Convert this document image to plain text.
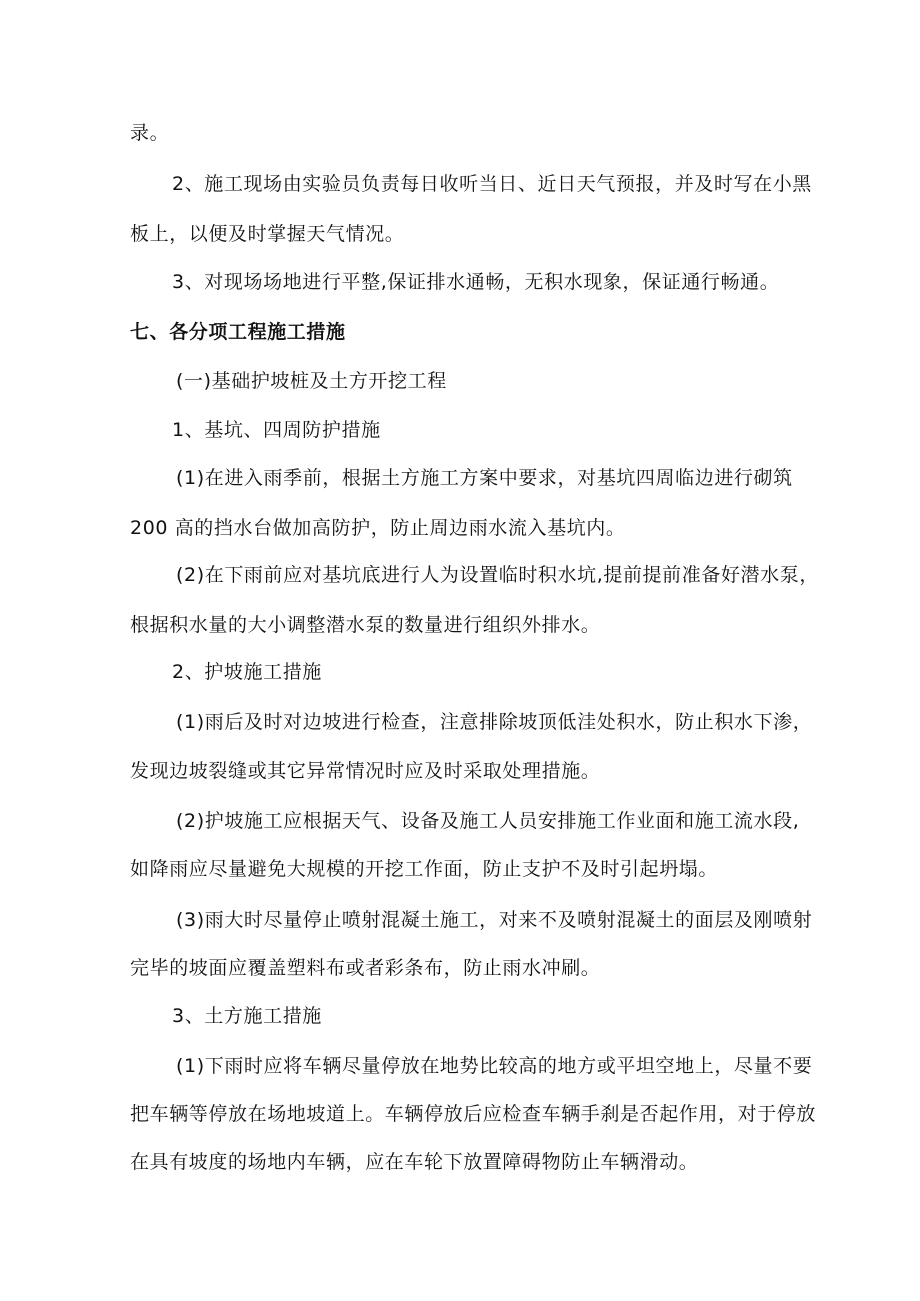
录。
2、施工现场由实验员负责每日收听当日、近日天气预报，并及时写在小黑
板上，以便及时掌握天气情况。
3、对现场场地进行平整,保证排水通畅，无积水现象，保证通行畅通。
七、各分项工程施工措施
(一)基础护坡桩及土方开挖工程
1、基坑、四周防护措施
(1)在进入雨季前，根据土方施工方案中要求，对基坑四周临边进行砌筑
200 高的挡水台做加高防护，防止周边雨水流入基坑内。
(2)在下雨前应对基坑底进行人为设置临时积水坑,提前提前准备好潜水泵，
根据积水量的大小调整潜水泵的数量进行组织外排水。
2、护坡施工措施
(1)雨后及时对边坡进行检查，注意排除坡顶低洼处积水，防止积水下渗，
发现边坡裂缝或其它异常情况时应及时采取处理措施。
(2)护坡施工应根据天气、设备及施工人员安排施工作业面和施工流水段,
如降雨应尽量避免大规模的开挖工作面，防止支护不及时引起坍塌。
(3)雨大时尽量停止喷射混凝土施工，对来不及喷射混凝土的面层及刚喷射
完毕的坡面应覆盖塑料布或者彩条布，防止雨水冲刷。
3、土方施工措施
(1)下雨时应将车辆尽量停放在地势比较高的地方或平坦空地上，尽量不要
把车辆等停放在场地坡道上。车辆停放后应检查车辆手刹是否起作用，对于停放
在具有坡度的场地内车辆，应在车轮下放置障碍物防止车辆滑动。
